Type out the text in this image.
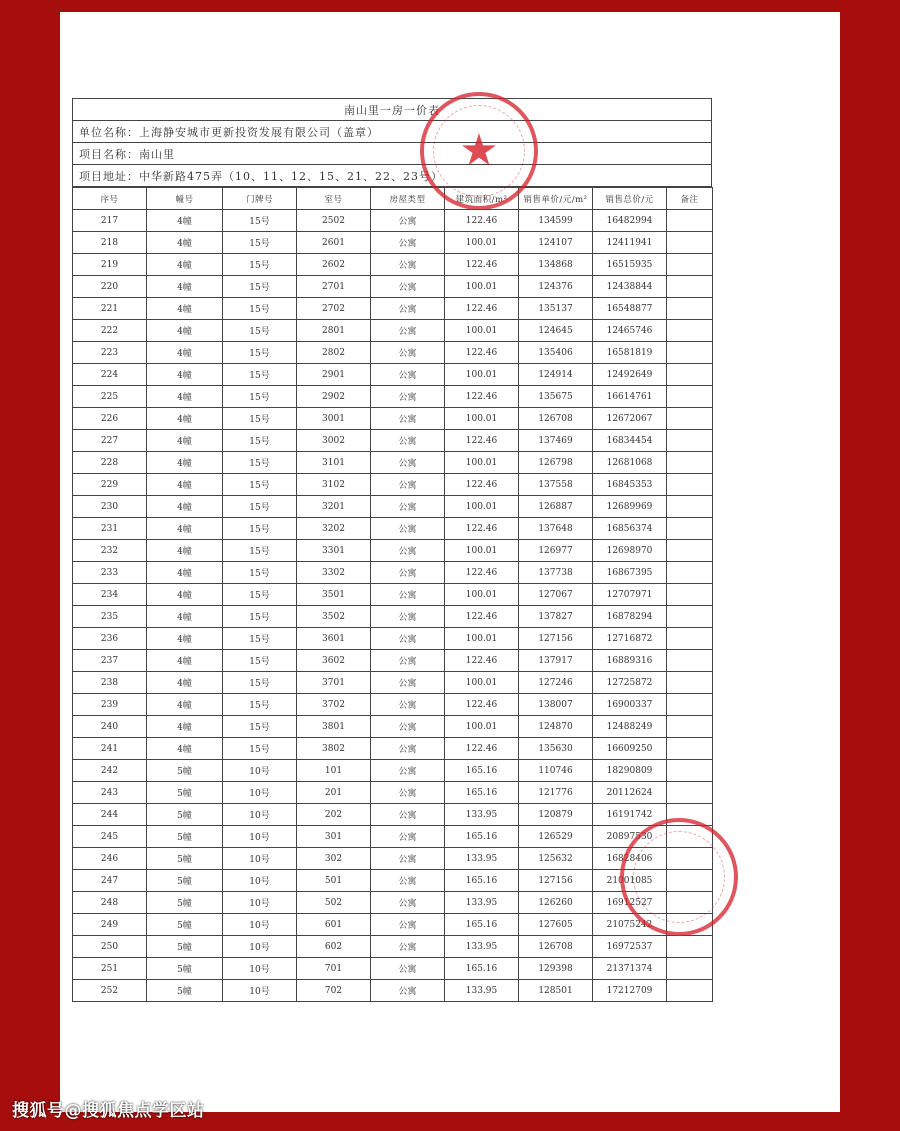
南山里一房一价表
单位名称：上海静安城市更新投资发展有限公司（盖章）
项目名称：南山里
项目地址：中华新路475弄（10、11、12、15、21、22、23号）
序号	幢号	门牌号	室号	房屋类型	建筑面积/m²	销售单价/元/m²	销售总价/元	备注
217	4幢	15号	2502	公寓	122.46	134599	16482994	
218	4幢	15号	2601	公寓	100.01	124107	12411941	
219	4幢	15号	2602	公寓	122.46	134868	16515935	
220	4幢	15号	2701	公寓	100.01	124376	12438844	
221	4幢	15号	2702	公寓	122.46	135137	16548877	
222	4幢	15号	2801	公寓	100.01	124645	12465746	
223	4幢	15号	2802	公寓	122.46	135406	16581819	
224	4幢	15号	2901	公寓	100.01	124914	12492649	
225	4幢	15号	2902	公寓	122.46	135675	16614761	
226	4幢	15号	3001	公寓	100.01	126708	12672067	
227	4幢	15号	3002	公寓	122.46	137469	16834454	
228	4幢	15号	3101	公寓	100.01	126798	12681068	
229	4幢	15号	3102	公寓	122.46	137558	16845353	
230	4幢	15号	3201	公寓	100.01	126887	12689969	
231	4幢	15号	3202	公寓	122.46	137648	16856374	
232	4幢	15号	3301	公寓	100.01	126977	12698970	
233	4幢	15号	3302	公寓	122.46	137738	16867395	
234	4幢	15号	3501	公寓	100.01	127067	12707971	
235	4幢	15号	3502	公寓	122.46	137827	16878294	
236	4幢	15号	3601	公寓	100.01	127156	12716872	
237	4幢	15号	3602	公寓	122.46	137917	16889316	
238	4幢	15号	3701	公寓	100.01	127246	12725872	
239	4幢	15号	3702	公寓	122.46	138007	16900337	
240	4幢	15号	3801	公寓	100.01	124870	12488249	
241	4幢	15号	3802	公寓	122.46	135630	16609250	
242	5幢	10号	101	公寓	165.16	110746	18290809	
243	5幢	10号	201	公寓	165.16	121776	20112624	
244	5幢	10号	202	公寓	133.95	120879	16191742	
245	5幢	10号	301	公寓	165.16	126529	20897530	
246	5幢	10号	302	公寓	133.95	125632	16828406	
247	5幢	10号	501	公寓	165.16	127156	21001085	
248	5幢	10号	502	公寓	133.95	126260	16912527	
249	5幢	10号	601	公寓	165.16	127605	21075242	
250	5幢	10号	602	公寓	133.95	126708	16972537	
251	5幢	10号	701	公寓	165.16	129398	21371374	
252	5幢	10号	702	公寓	133.95	128501	17212709	
★
搜狐号@搜狐焦点学区站
